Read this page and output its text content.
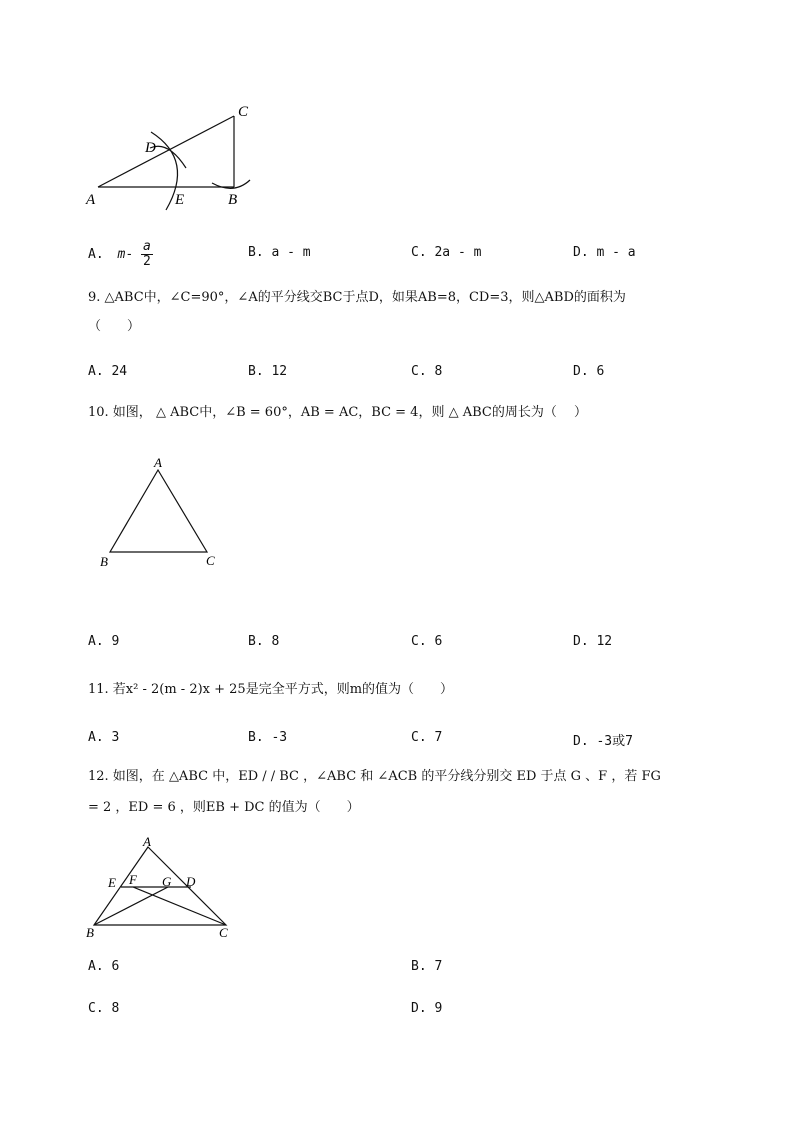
A	E	B
D
C
A. $m- \frac{a}{2}$	B. a - m	C. 2a - m	D. m - a
9. △ABC中，∠C=90°，∠A的平分线交BC于点D，如果AB=8，CD=3，则△ABD的面积为
（　　）
A. 24	B. 12	C. 8	D. 6
10. 如图， △ ABC中，∠B = 60°，AB = AC，BC = 4，则 △ ABC的周长为（　 ）
A
B	C
A. 9	B. 8	C. 6	D. 12
11. 若x² - 2(m - 2)x + 25是完全平方式，则m的值为（　　）
A. 3	B. -3	C. 7	D. -3或7
12. 如图，在 △ABC 中，ED / / BC ，∠ABC 和 ∠ACB 的平分线分别交 ED 于点 G 、F ，若 FG
= 2 ，ED = 6 ，则EB + DC 的值为（　　）
A
E F G D
B	C
A. 6	B. 7
C. 8	D. 9
